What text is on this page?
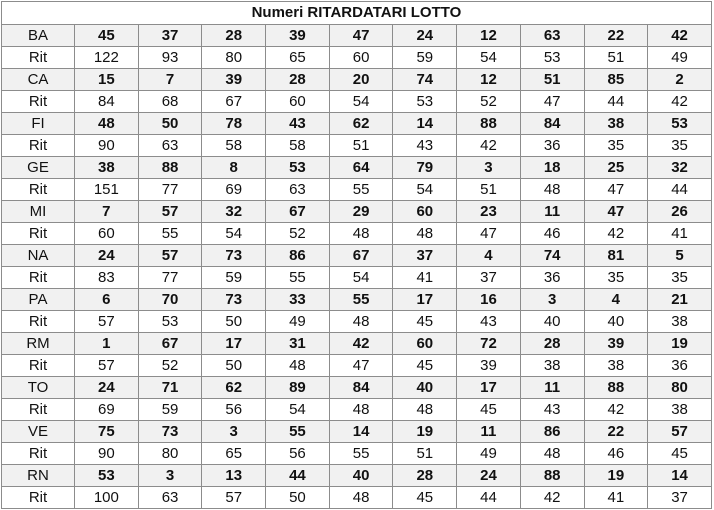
Numeri RITARDATARI LOTTO										
BA	45	37	28	39	47	24	12	63	22	42
Rit	122	93	80	65	60	59	54	53	51	49
CA	15	7	39	28	20	74	12	51	85	2
Rit	84	68	67	60	54	53	52	47	44	42
FI	48	50	78	43	62	14	88	84	38	53
Rit	90	63	58	58	51	43	42	36	35	35
GE	38	88	8	53	64	79	3	18	25	32
Rit	151	77	69	63	55	54	51	48	47	44
MI	7	57	32	67	29	60	23	11	47	26
Rit	60	55	54	52	48	48	47	46	42	41
NA	24	57	73	86	67	37	4	74	81	5
Rit	83	77	59	55	54	41	37	36	35	35
PA	6	70	73	33	55	17	16	3	4	21
Rit	57	53	50	49	48	45	43	40	40	38
RM	1	67	17	31	42	60	72	28	39	19
Rit	57	52	50	48	47	45	39	38	38	36
TO	24	71	62	89	84	40	17	11	88	80
Rit	69	59	56	54	48	48	45	43	42	38
VE	75	73	3	55	14	19	11	86	22	57
Rit	90	80	65	56	55	51	49	48	46	45
RN	53	3	13	44	40	28	24	88	19	14
Rit	100	63	57	50	48	45	44	42	41	37
